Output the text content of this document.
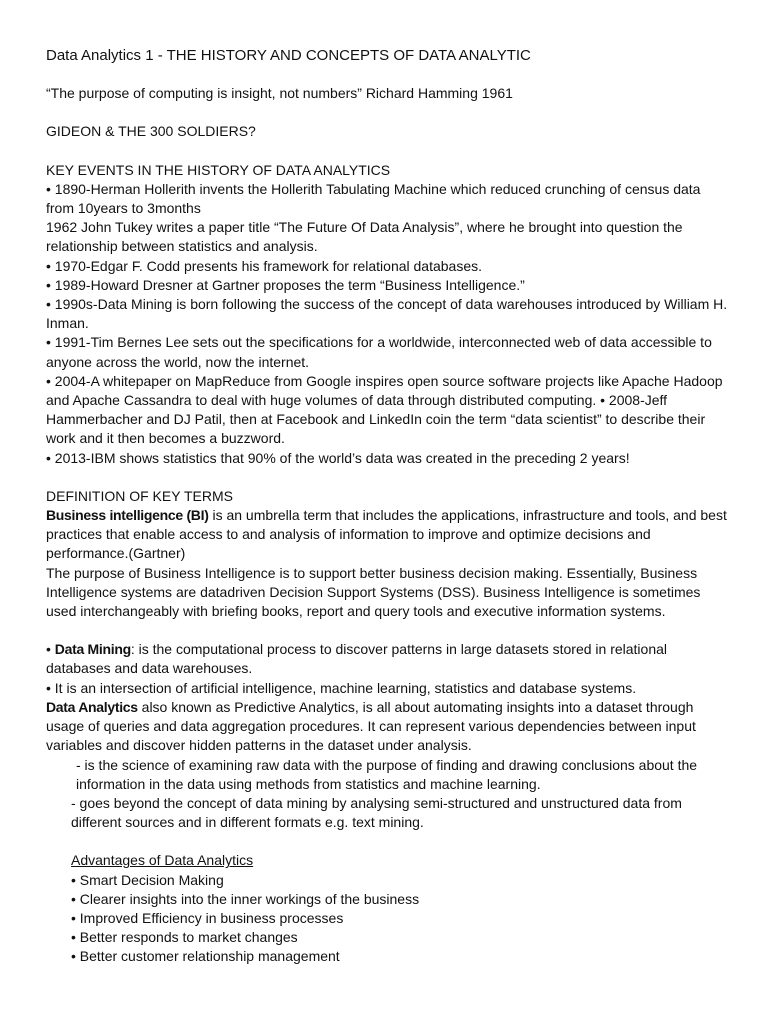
Data Analytics 1 - THE HISTORY AND CONCEPTS OF DATA ANALYTIC

“The purpose of computing is insight, not numbers” Richard Hamming 1961

GIDEON & THE 300 SOLDIERS?

KEY EVENTS IN THE HISTORY OF DATA ANALYTICS

• 1890-Herman Hollerith invents the Hollerith Tabulating Machine which reduced crunching of census data from 10years to 3months

1962 John Tukey writes a paper title “The Future Of Data Analysis”, where he brought into question the relationship between statistics and analysis.

• 1970-Edgar F. Codd presents his framework for relational databases.

• 1989-Howard Dresner at Gartner proposes the term “Business Intelligence.”

• 1990s-Data Mining is born following the success of the concept of data warehouses introduced by William H. Inman.

• 1991-Tim Bernes Lee sets out the specifications for a worldwide, interconnected web of data accessible to anyone across the world, now the internet.

• 2004-A whitepaper on MapReduce from Google inspires open source software projects like Apache Hadoop and Apache Cassandra to deal with huge volumes of data through distributed computing. • 2008-Jeff Hammerbacher and DJ Patil, then at Facebook and LinkedIn coin the term “data scientist” to describe their work and it then becomes a buzzword.

• 2013-IBM shows statistics that 90% of the world’s data was created in the preceding 2 years!

DEFINITION OF KEY TERMS

Business intelligence (BI) is an umbrella term that includes the applications, infrastructure and tools, and best practices that enable access to and analysis of information to improve and optimize decisions and performance.(Gartner)

The purpose of Business Intelligence is to support better business decision making. Essentially, Business Intelligence systems are datadriven Decision Support Systems (DSS). Business Intelligence is sometimes used interchangeably with briefing books, report and query tools and executive information systems.

• Data Mining: is the computational process to discover patterns in large datasets stored in relational databases and data warehouses.

• It is an intersection of artificial intelligence, machine learning, statistics and database systems.

Data Analytics also known as Predictive Analytics, is all about automating insights into a dataset through usage of queries and data aggregation procedures. It can represent various dependencies between input variables and discover hidden patterns in the dataset under analysis.

- is the science of examining raw data with the purpose of finding and drawing conclusions about the information in the data using methods from statistics and machine learning.

- goes beyond the concept of data mining by analysing semi-structured and unstructured data from different sources and in different formats e.g. text mining.

Advantages of Data Analytics

• Smart Decision Making

• Clearer insights into the inner workings of the business

• Improved Efficiency in business processes

• Better responds to market changes

• Better customer relationship management
